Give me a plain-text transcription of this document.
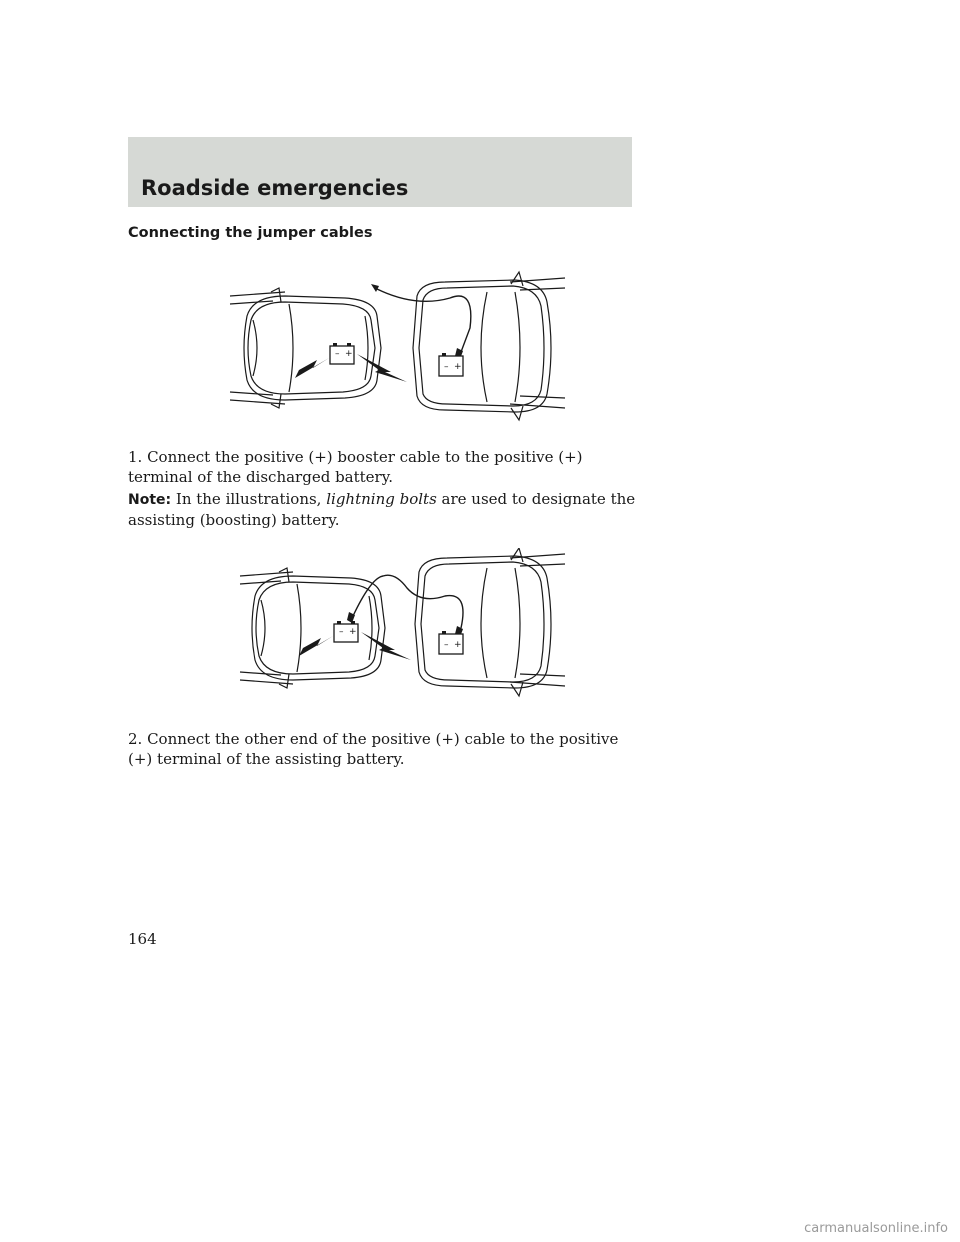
Roadside emergencies
Connecting the jumper cables
– +
– +

1. Connect the positive (+) booster cable to the positive (+) terminal of the discharged battery.

Note: In the illustrations, lightning bolts are used to designate the assisting (boosting) battery.

– +
– +

2. Connect the other end of the positive (+) cable to the positive (+) terminal of the assisting battery.

164

carmanualsonline.info
